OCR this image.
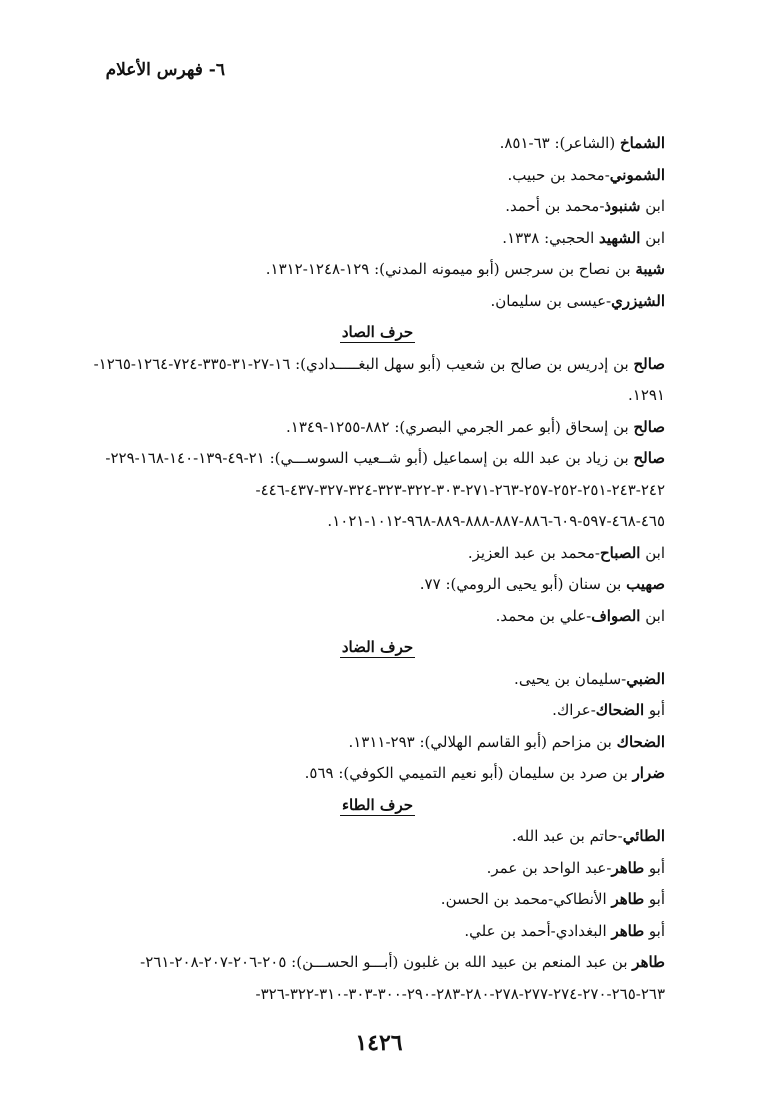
٦- فهرس الأعلام
الشماخ (الشاعر): ٦٣-٨٥١.
الشموني-محمد بن حبيب.
ابن شنبوذ-محمد بن أحمد.
ابن الشهيد الحجبي: ١٣٣٨.
شيبة بن نصاح بن سرجس (أبو ميمونه المدني): ١٢٩-١٢٤٨-١٣١٢.
الشيزري-عيسى بن سليمان.
حرف الصاد
صالح بن إدريس بن صالح بن شعيب (أبو سهل البغـــــدادي): ١٦-٢٧-٣١-٣٣٥-٧٢٤-١٢٦٤-١٢٦٥-
١٢٩١.
صالح بن إسحاق (أبو عمر الجرمي البصري): ٨٨٢-١٢٥٥-١٣٤٩.
صالح بن زياد بن عبد الله بن إسماعيل (أبو شــعيب السوســـي): ٢١-٤٩-١٣٩-١٤٠-١٦٨-٢٢٩-
٢٤٢-٢٤٣-٢٥١-٢٥٢-٢٥٧-٢٦٣-٢٧١-٣٠٣-٣٢٢-٣٢٣-٣٢٤-٣٢٧-٤٣٧-٤٤٦-
٤٦٥-٤٦٨-٥٩٧-٦٠٩-٨٨٦-٨٨٧-٨٨٨-٨٨٩-٩٦٨-١٠١٢-١٠٢١.
ابن الصباح-محمد بن عبد العزيز.
صهيب بن سنان (أبو يحيى الرومي): ٧٧.
ابن الصواف-علي بن محمد.
حرف الضاد
الضبي-سليمان بن يحيى.
أبو الضحاك-عراك.
الضحاك بن مزاحم (أبو القاسم الهلالي): ٢٩٣-١٣١١.
ضرار بن صرد بن سليمان (أبو نعيم التميمي الكوفي): ٥٦٩.
حرف الطاء
الطائي-حاتم بن عبد الله.
أبو طاهر-عبد الواحد بن عمر.
أبو طاهر الأنطاكي-محمد بن الحسن.
أبو طاهر البغدادي-أحمد بن علي.
طاهر بن عبد المنعم بن عبيد الله بن غلبون (أبـــو الحســـن): ٢٠٥-٢٠٦-٢٠٧-٢٠٨-٢٦١-
٢٦٣-٢٦٥-٢٧٠-٢٧٤-٢٧٧-٢٧٨-٢٨٠-٢٨٣-٢٩٠-٣٠٠-٣٠٣-٣١٠-٣٢٢-٣٢٦-
١٤٢٦
